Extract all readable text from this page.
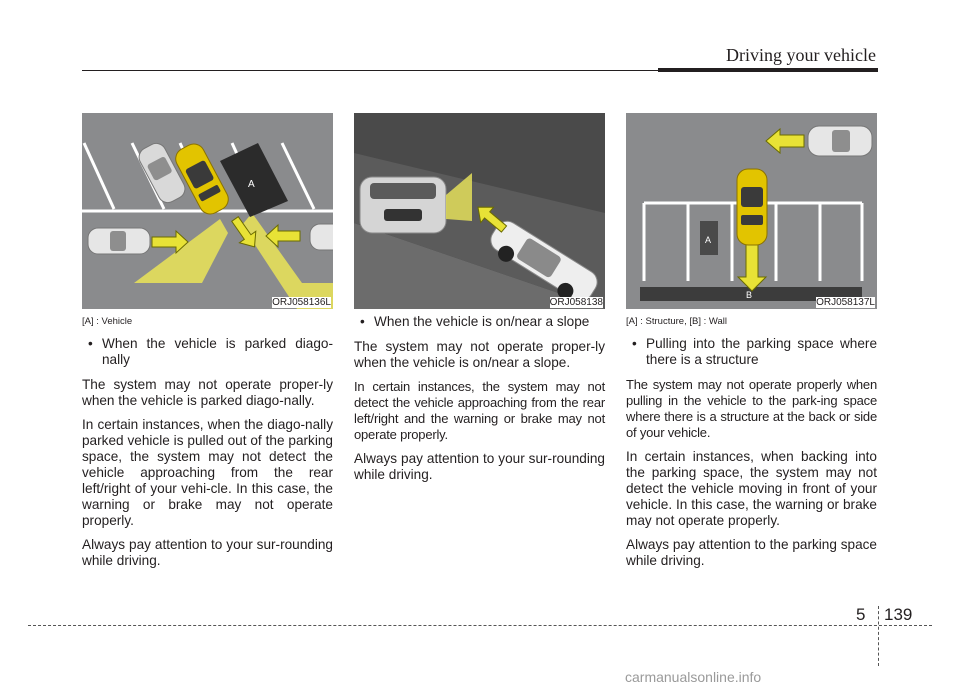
Driving your vehicle
A
ORJ058136L	ORJ058138
A
B
ORJ058137L
[A] : Vehicle
• When the vehicle is parked diago-nally

The system may not operate proper-ly when the vehicle is parked diago-nally.

In certain instances, when the diago-nally parked vehicle is pulled out of the parking space, the system may not detect the vehicle approaching from the rear left/right of your vehi-cle. In this case, the warning or brake may not operate properly.

Always pay attention to your sur-rounding while driving.

• When the vehicle is on/near a slope

The system may not operate proper-ly when the vehicle is on/near a slope.

In certain instances, the system may not detect the vehicle approaching from the rear left/right and the warning or brake may not operate properly.

Always pay attention to your sur-rounding while driving.

[A] : Structure, [B] : Wall
• Pulling into the parking space where there is a structure

The system may not operate properly when pulling in the vehicle to the park-ing space where there is a structure at the back or side of your vehicle.

In certain instances, when backing into the parking space, the system may not detect the vehicle moving in front of your vehicle. In this case, the warning or brake may not operate properly.

Always pay attention to the parking space while driving.

5 139
carmanualsonline.info
